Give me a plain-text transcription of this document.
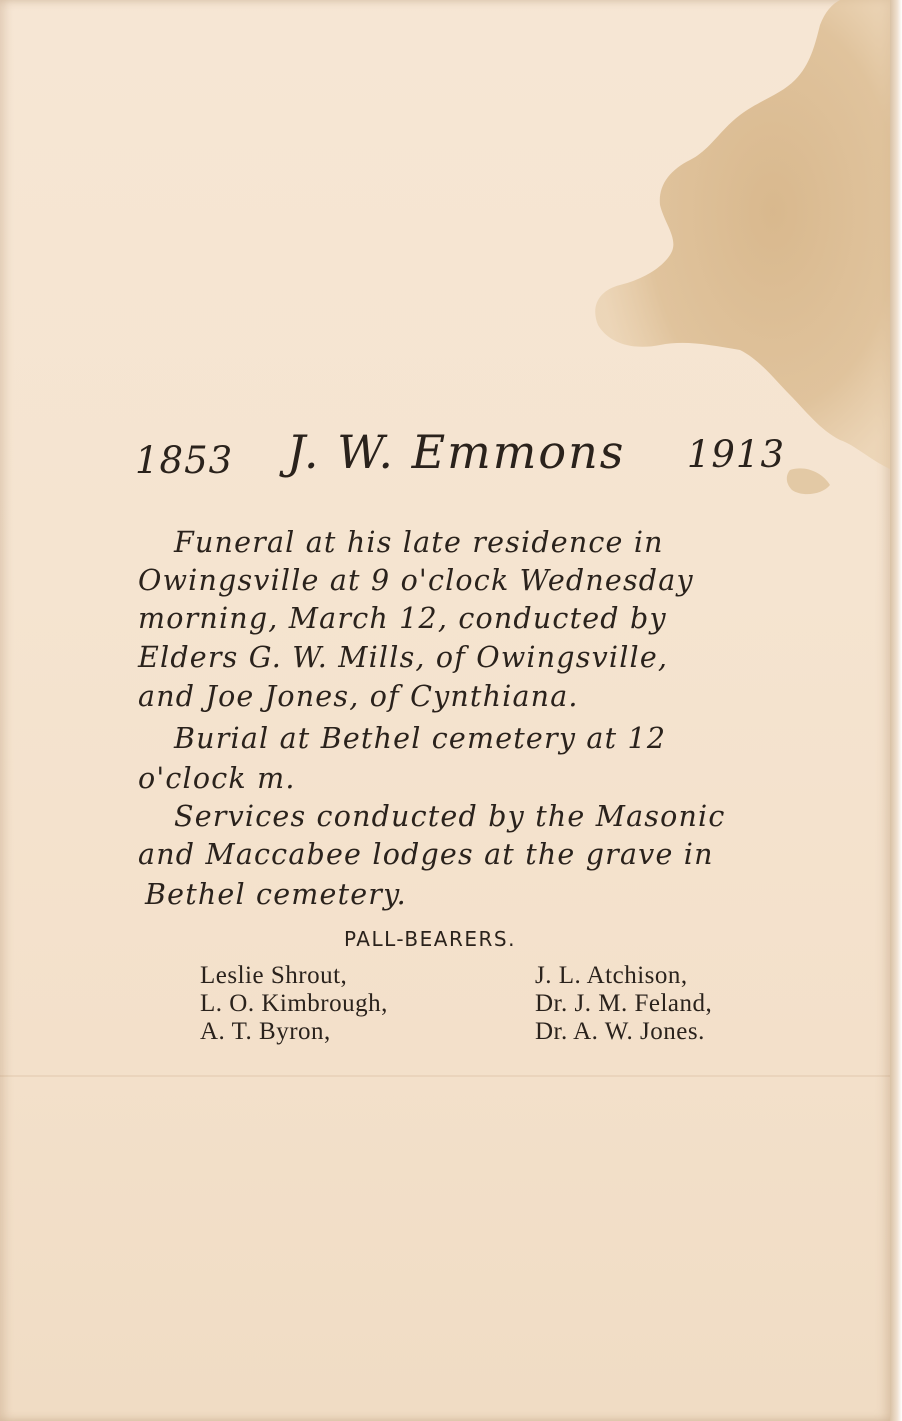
1853 J. W. Emmons 1913
Funeral at his late residence in
Owingsville at 9 o'clock Wednesday
morning, March 12, conducted by
Elders G. W. Mills, of Owingsville,
and Joe Jones, of Cynthiana.
Burial at Bethel cemetery at 12
o'clock m.
Services conducted by the Masonic
and Maccabee lodges at the grave in
Bethel cemetery.
PALL-BEARERS.
Leslie Shrout,
L. O. Kimbrough,
A. T. Byron,
J. L. Atchison,
Dr. J. M. Feland,
Dr. A. W. Jones.
